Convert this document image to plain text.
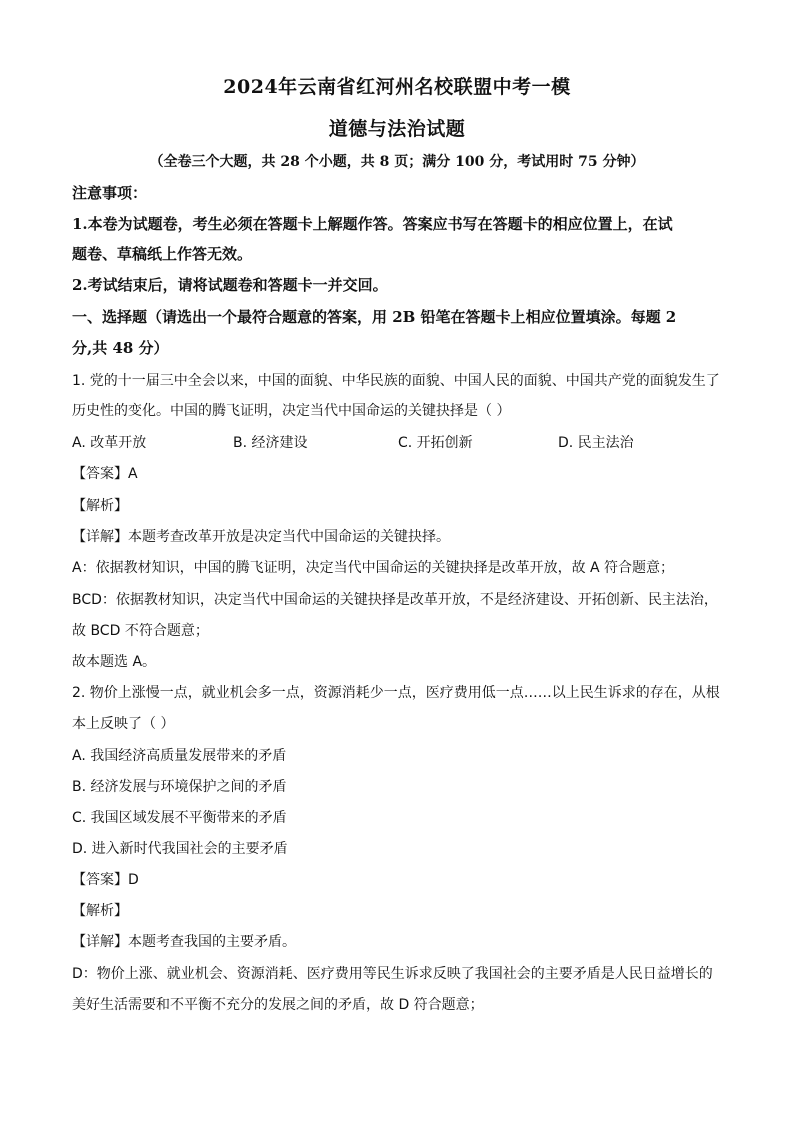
2024年云南省红河州名校联盟中考一模
道德与法治试题
（全卷三个大题，共 28 个小题，共 8 页；满分 100 分，考试用时 75 分钟）
注意事项：
1.本卷为试题卷，考生必须在答题卡上解题作答。答案应书写在答题卡的相应位置上，在试
题卷、草稿纸上作答无效。
2.考试结束后，请将试题卷和答题卡一并交回。
一、选择题（请选出一个最符合题意的答案，用 2B 铅笔在答题卡上相应位置填涂。每题 2
分,共 48 分）
1. 党的十一届三中全会以来，中国的面貌、中华民族的面貌、中国人民的面貌、中国共产党的面貌发生了
历史性的变化。中国的腾飞证明，决定当代中国命运的关键抉择是（ ）
A. 改革开放	B. 经济建设	C. 开拓创新	D. 民主法治
【答案】A
【解析】
【详解】本题考查改革开放是决定当代中国命运的关键抉择。
A：依据教材知识，中国的腾飞证明，决定当代中国命运的关键抉择是改革开放，故 A 符合题意；
BCD：依据教材知识，决定当代中国命运的关键抉择是改革开放，不是经济建设、开拓创新、民主法治，
故 BCD 不符合题意；
故本题选 A。
2. 物价上涨慢一点，就业机会多一点，资源消耗少一点，医疗费用低一点……以上民生诉求的存在，从根
本上反映了（ ）
A. 我国经济高质量发展带来的矛盾
B. 经济发展与环境保护之间的矛盾
C. 我国区域发展不平衡带来的矛盾
D. 进入新时代我国社会的主要矛盾
【答案】D
【解析】
【详解】本题考查我国的主要矛盾。
D：物价上涨、就业机会、资源消耗、医疗费用等民生诉求反映了我国社会的主要矛盾是人民日益增长的
美好生活需要和不平衡不充分的发展之间的矛盾，故 D 符合题意；
